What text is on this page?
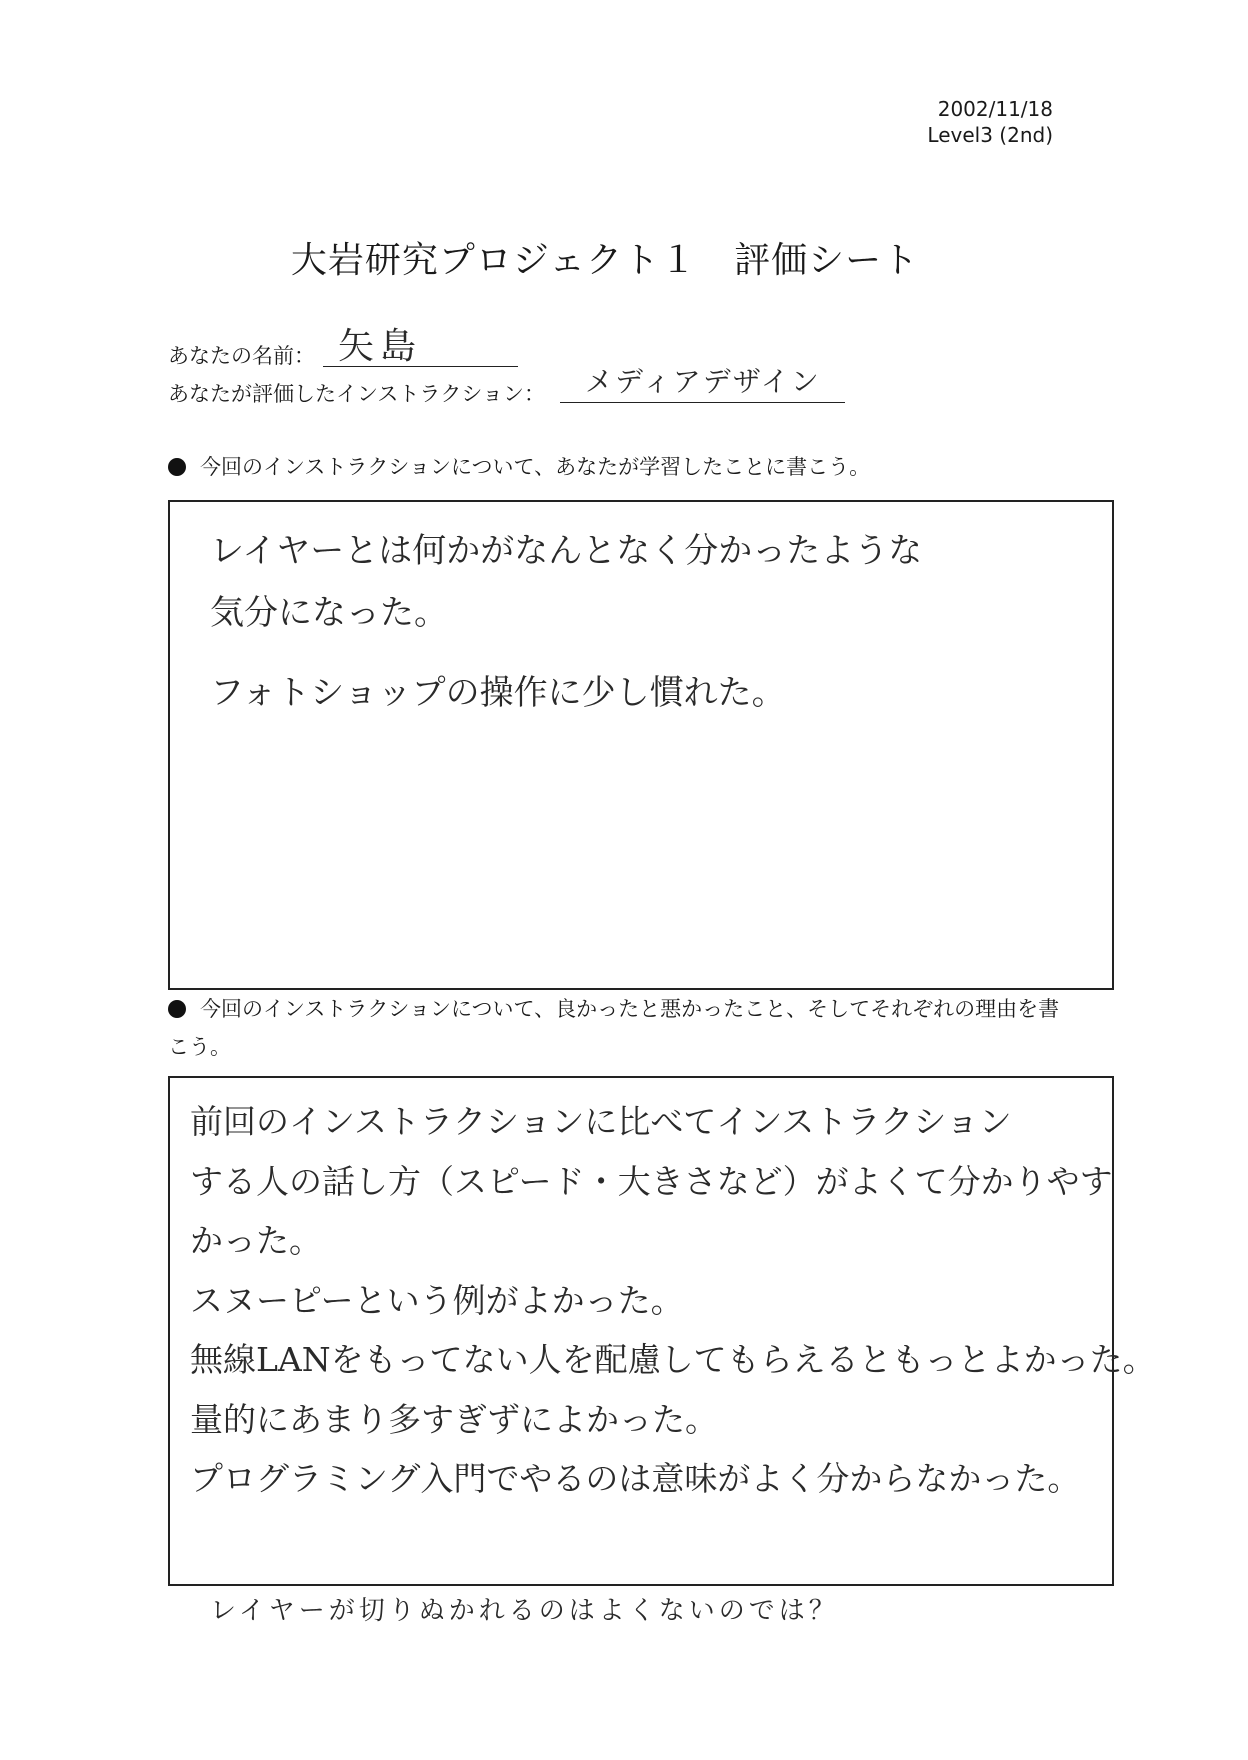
2002/11/18
Level3 (2nd)
大岩研究プロジェクト１　評価シート
あなたの名前： 矢島
あなたが評価したインストラクション： メディアデザイン
今回のインストラクションについて、あなたが学習したことに書こう。
レイヤーとは何かがなんとなく分かったような
気分になった。
フォトショップの操作に少し慣れた。
今回のインストラクションについて、良かったと悪かったこと、そしてそれぞれの理由を書こう。
前回のインストラクションに比べてインストラクション
する人の話し方（スピード・大きさなど）がよくて分かりやす
かった。
スヌーピーという例がよかった。
無線LANをもってない人を配慮してもらえるともっとよかった。
量的にあまり多すぎずによかった。
プログラミング入門でやるのは意味がよく分からなかった。
レイヤーが切りぬかれるのはよくないのでは？
